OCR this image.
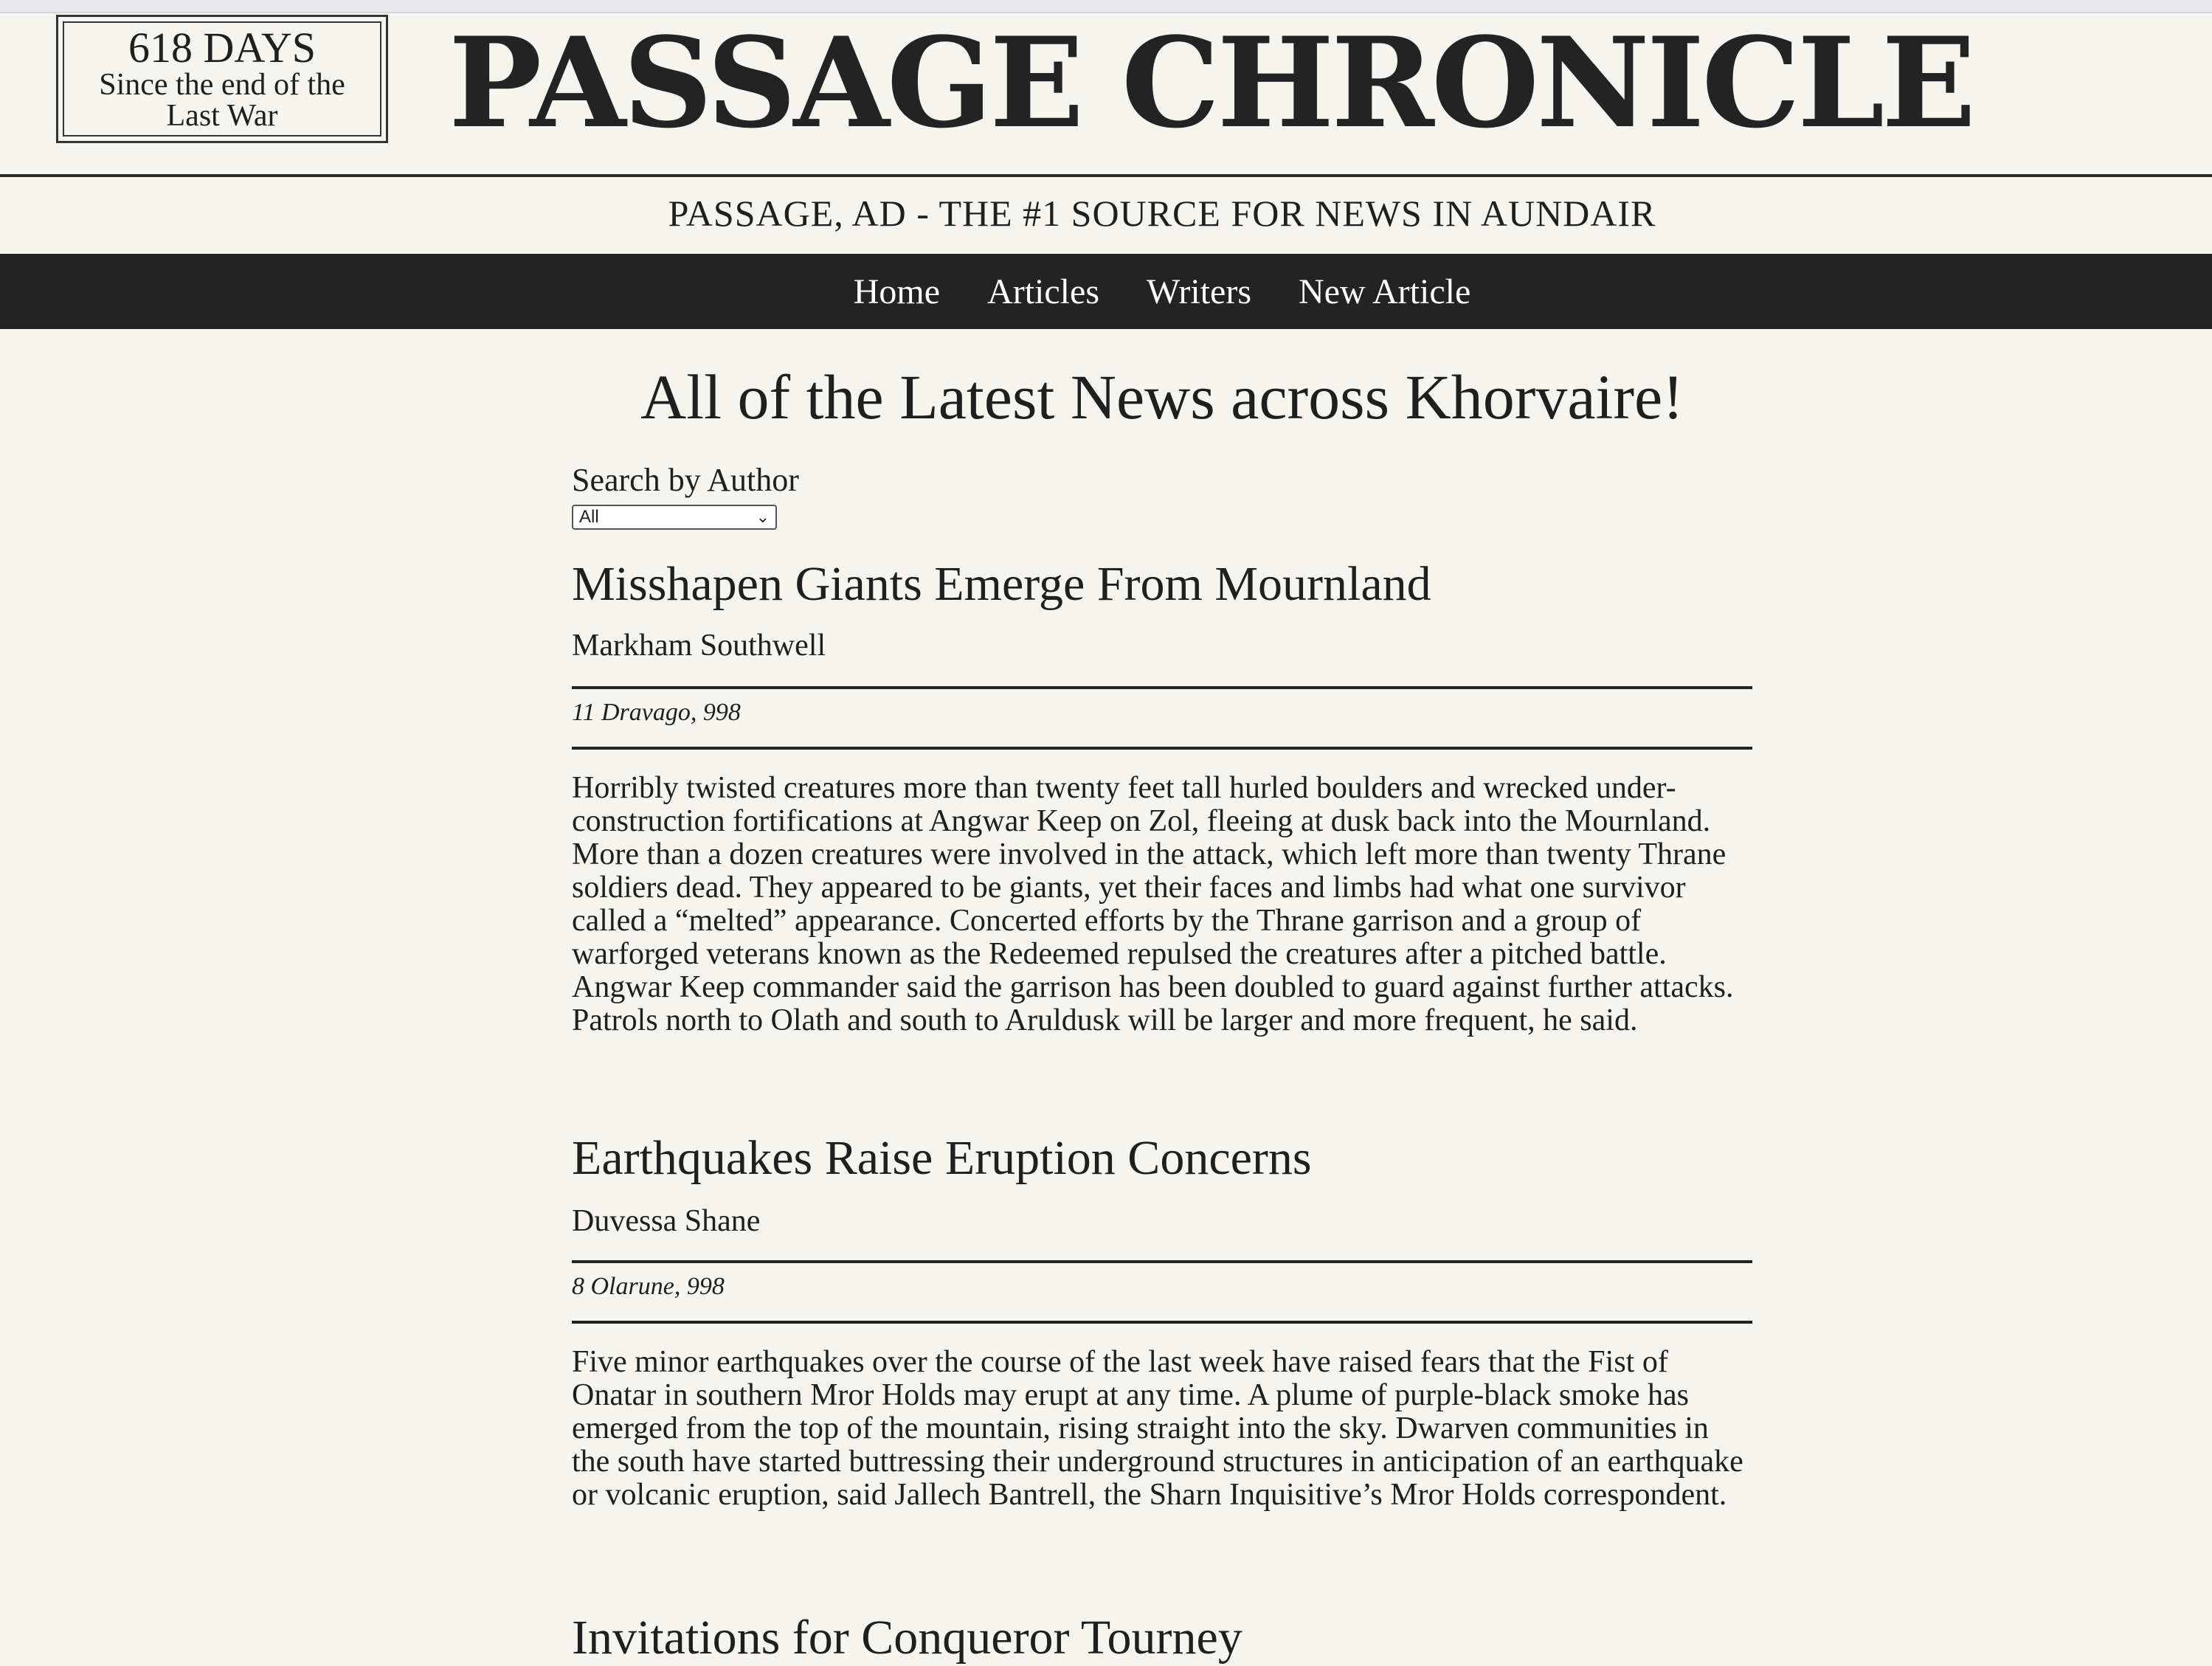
618 DAYS
Since the end of the Last War	PASSAGE CHRONICLE
PASSAGE, AD - THE #1 SOURCE FOR NEWS IN AUNDAIR
Home	Articles	Writers	New Article
All of the Latest News across Khorvaire!
Search by Author
All	⌄
Misshapen Giants Emerge From Mournland
Markham Southwell
11 Dravago, 998

Horribly twisted creatures more than twenty feet tall hurled boulders and wrecked under-construction fortifications at Angwar Keep on Zol, fleeing at dusk back into the Mournland. More than a dozen creatures were involved in the attack, which left more than twenty Thrane soldiers dead. They appeared to be giants, yet their faces and limbs had what one survivor called a “melted” appearance. Concerted efforts by the Thrane garrison and a group of warforged veterans known as the Redeemed repulsed the creatures after a pitched battle. Angwar Keep commander said the garrison has been doubled to guard against further attacks. Patrols north to Olath and south to Aruldusk will be larger and more frequent, he said.

Earthquakes Raise Eruption Concerns
Duvessa Shane
8 Olarune, 998

Five minor earthquakes over the course of the last week have raised fears that the Fist of Onatar in southern Mror Holds may erupt at any time. A plume of purple-black smoke has emerged from the top of the mountain, rising straight into the sky. Dwarven communities in the south have started buttressing their underground structures in anticipation of an earthquake or volcanic eruption, said Jallech Bantrell, the Sharn Inquisitive’s Mror Holds correspondent.

Invitations for Conqueror Tourney
